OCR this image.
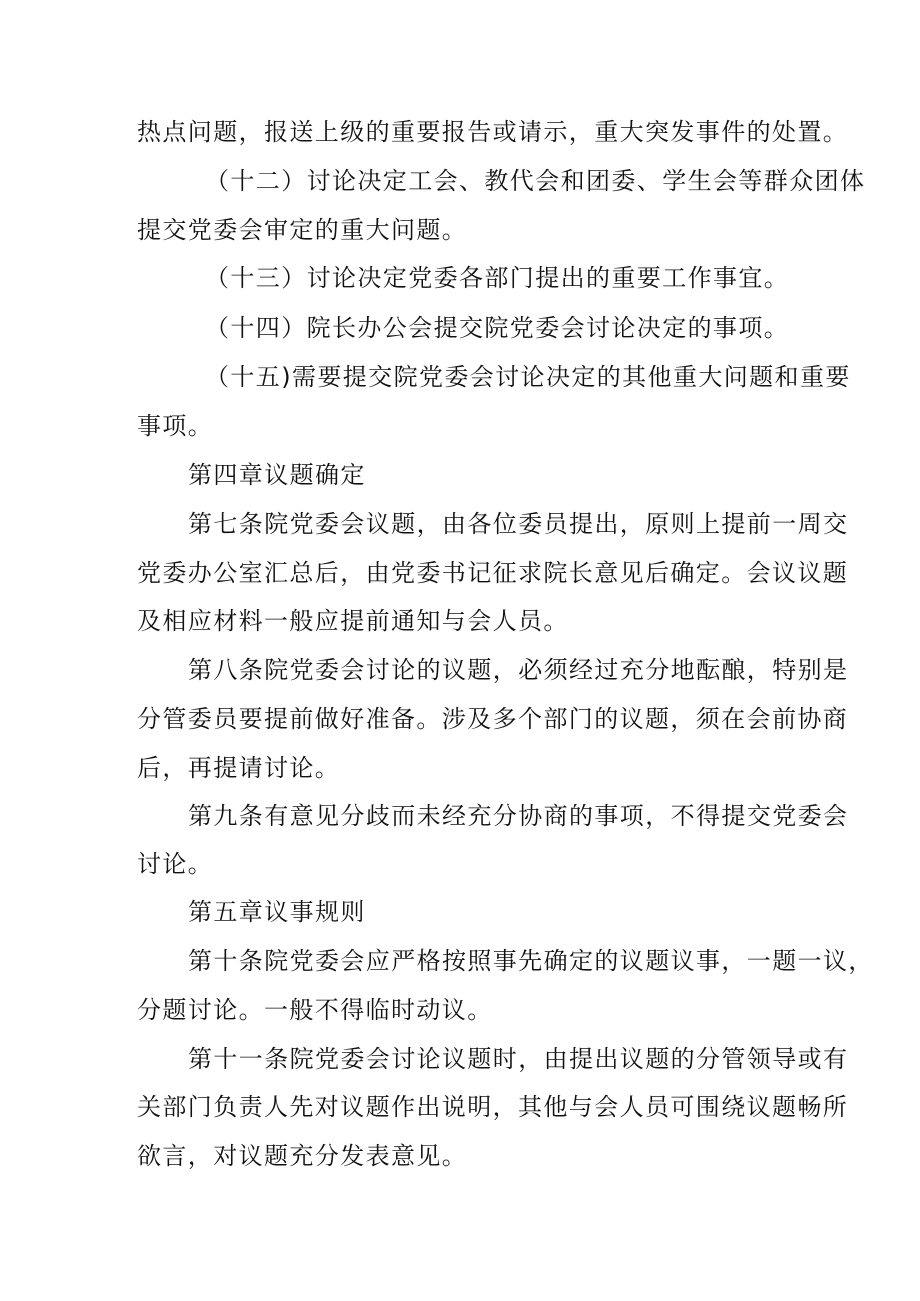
热点问题，报送上级的重要报告或请示，重大突发事件的处置。
（十二）讨论决定工会、教代会和团委、学生会等群众团体
提交党委会审定的重大问题。
（十三）讨论决定党委各部门提出的重要工作事宜。
（十四）院长办公会提交院党委会讨论决定的事项。
（十五)需要提交院党委会讨论决定的其他重大问题和重要
事项。
第四章议题确定
第七条院党委会议题，由各位委员提出，原则上提前一周交
党委办公室汇总后，由党委书记征求院长意见后确定。会议议题
及相应材料一般应提前通知与会人员。
第八条院党委会讨论的议题，必须经过充分地酝酿，特别是
分管委员要提前做好准备。涉及多个部门的议题，须在会前协商
后，再提请讨论。
第九条有意见分歧而未经充分协商的事项，不得提交党委会
讨论。
第五章议事规则
第十条院党委会应严格按照事先确定的议题议事，一题一议，
分题讨论。一般不得临时动议。
第十一条院党委会讨论议题时，由提出议题的分管领导或有
关部门负责人先对议题作出说明，其他与会人员可围绕议题畅所
欲言，对议题充分发表意见。
